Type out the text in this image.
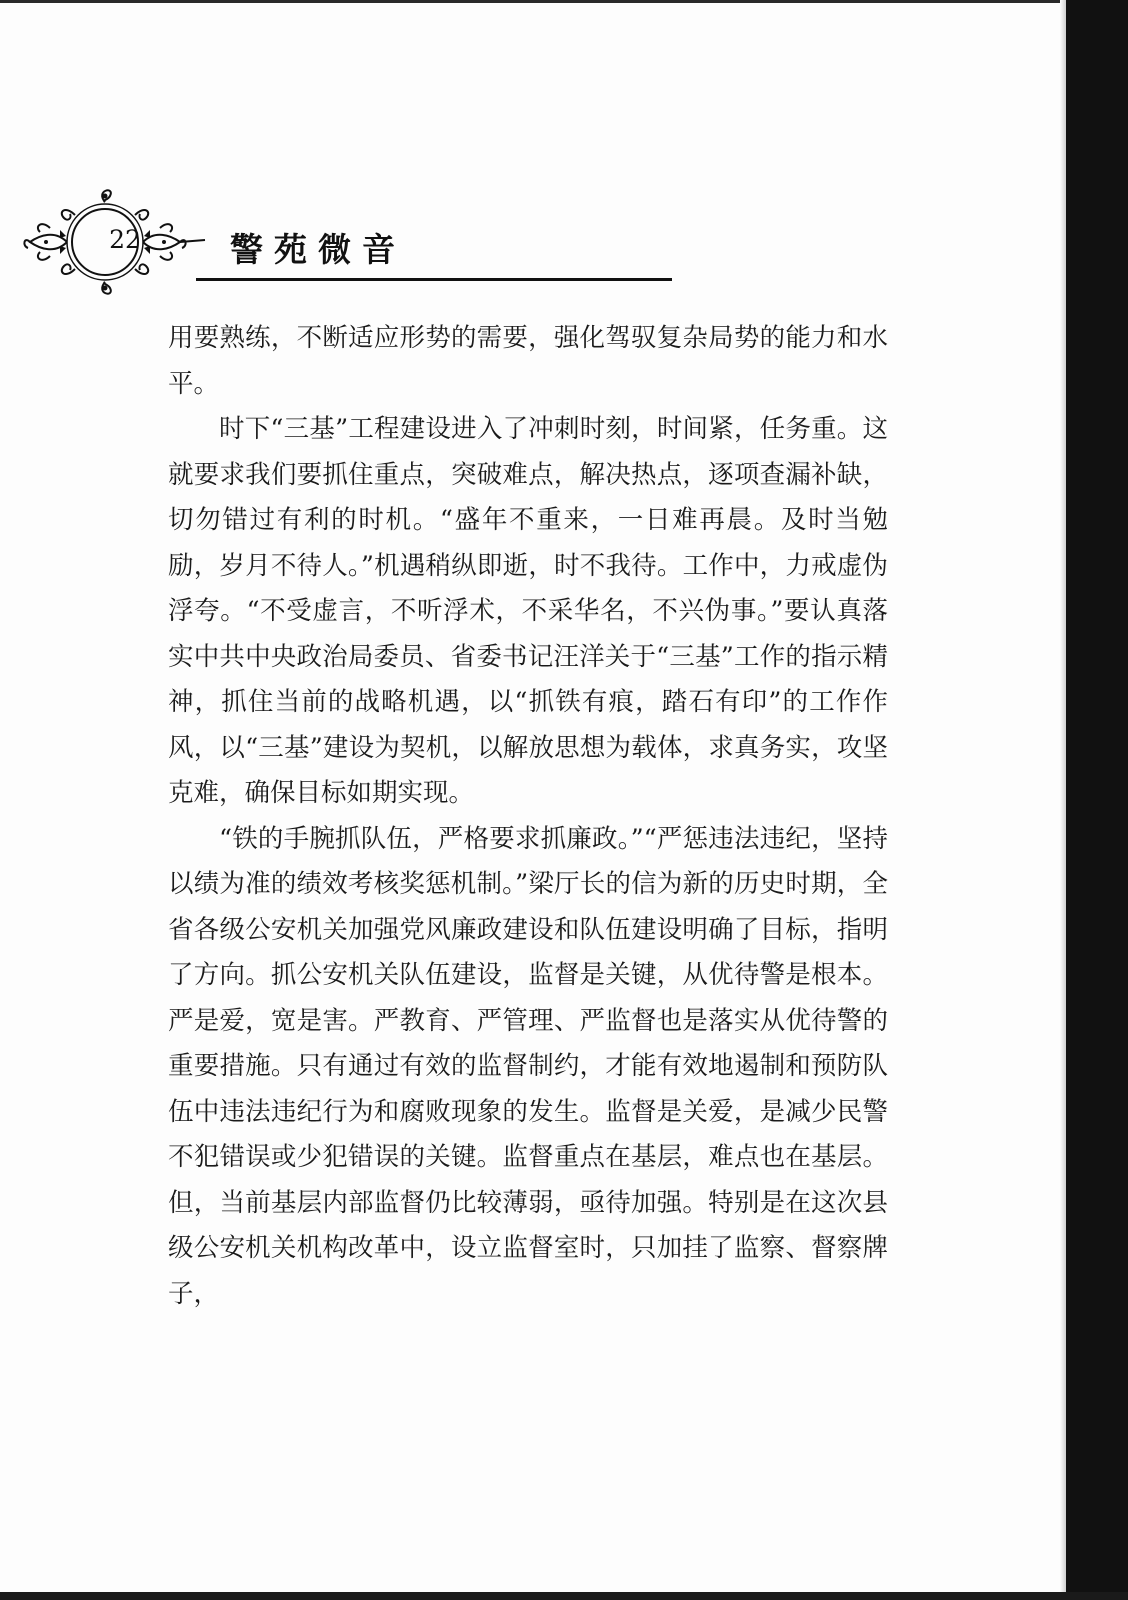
22	警苑微音

用要熟练，不断适应形势的需要，强化驾驭复杂局势的能力和水平。

时下“三基”工程建设进入了冲刺时刻，时间紧，任务重。这就要求我们要抓住重点，突破难点，解决热点，逐项查漏补缺，切勿错过有利的时机。“盛年不重来，一日难再晨。及时当勉励，岁月不待人。”机遇稍纵即逝，时不我待。工作中，力戒虚伪浮夸。“不受虚言，不听浮术，不采华名，不兴伪事。”要认真落实中共中央政治局委员、省委书记汪洋关于“三基”工作的指示精神，抓住当前的战略机遇，以“抓铁有痕，踏石有印”的工作作风，以“三基”建设为契机，以解放思想为载体，求真务实，攻坚克难，确保目标如期实现。

“铁的手腕抓队伍，严格要求抓廉政。”“严惩违法违纪，坚持以绩为准的绩效考核奖惩机制。”梁厅长的信为新的历史时期，全省各级公安机关加强党风廉政建设和队伍建设明确了目标，指明了方向。抓公安机关队伍建设，监督是关键，从优待警是根本。严是爱，宽是害。严教育、严管理、严监督也是落实从优待警的重要措施。只有通过有效的监督制约，才能有效地遏制和预防队伍中违法违纪行为和腐败现象的发生。监督是关爱，是减少民警不犯错误或少犯错误的关键。监督重点在基层，难点也在基层。但，当前基层内部监督仍比较薄弱，亟待加强。特别是在这次县级公安机关机构改革中，设立监督室时，只加挂了监察、督察牌子，
